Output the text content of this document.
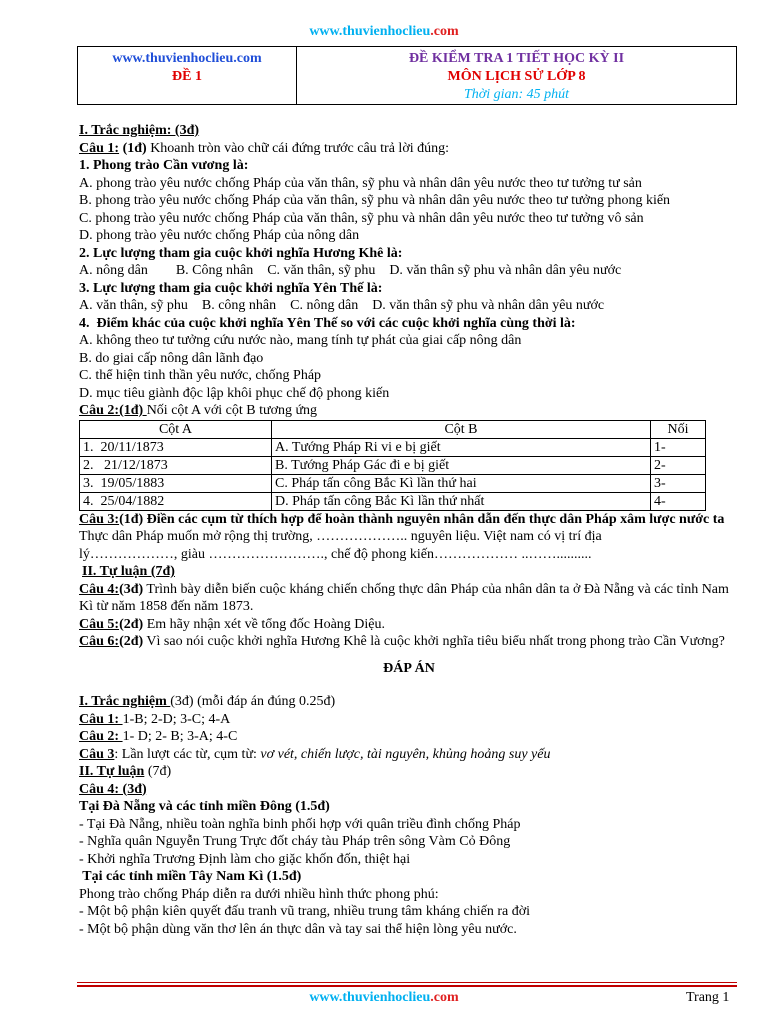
www.thuvienhoclieu.com
www.thuvienhoclieu.com
ĐỀ 1

ĐỀ KIỂM TRA 1 TIẾT HỌC KỲ II
MÔN LỊCH SỬ LỚP 8
Thời gian: 45 phút

I. Trắc nghiệm: (3đ)

Câu 1: (1đ) Khoanh tròn vào chữ cái đứng trước câu trả lời đúng:

1. Phong trào Cần vương là:

A. phong trào yêu nước chống Pháp của văn thân, sỹ phu và nhân dân yêu nước theo tư tưởng tư sản

B. phong trào yêu nước chống Pháp của văn thân, sỹ phu và nhân dân yêu nước theo tư tưởng phong kiến

C. phong trào yêu nước chống Pháp của văn thân, sỹ phu và nhân dân yêu nước theo tư tưởng vô sản

D. phong trào yêu nước chống Pháp của nông dân

2. Lực lượng tham gia cuộc khởi nghĩa Hương Khê là:

A. nông dân        B. Công nhân    C. văn thân, sỹ phu    D. văn thân sỹ phu và nhân dân yêu nước

3. Lực lượng tham gia cuộc khởi nghĩa Yên Thế là:

A. văn thân, sỹ phu    B. công nhân    C. nông dân    D. văn thân sỹ phu và nhân dân yêu nước

4.  Điểm khác của cuộc khởi nghĩa Yên Thế so với các cuộc khởi nghĩa cùng thời là:

A. không theo tư tưởng cứu nước nào, mang tính tự phát của giai cấp nông dân

B. do giai cấp nông dân lãnh đạo

C. thể hiện tinh thần yêu nước, chống Pháp

D. mục tiêu giành độc lập khôi phục chế độ phong kiến

Câu 2:(1đ) Nối cột A với cột B tương ứng

Cột A	Cột B	Nối
1.  20/11/1873	A. Tướng Pháp Ri vi e bị giết	1-
2.   21/12/1873	B. Tướng Pháp Gác đi e bị giết	2-
3.  19/05/1883	C. Pháp tấn công Bắc Kì lần thứ hai	3-
4.  25/04/1882	D. Pháp tấn công Bắc Kì lần thứ nhất	4-

Câu 3:(1đ) Điền các cụm từ thích hợp để hoàn thành nguyên nhân dẫn đến thực dân Pháp xâm lược nước ta

Thực dân Pháp muốn mở rộng thị trường, ……………….. nguyên liệu. Việt nam có vị trí địa

lý………………, giàu ……………………., chế độ phong kiến……………… ..……..........

II. Tự luận (7đ)

Câu 4:(3đ) Trình bày diễn biến cuộc kháng chiến chống thực dân Pháp của nhân dân ta ở Đà Nẵng và các tỉnh Nam Kì từ năm 1858 đến năm 1873.

Câu 5:(2đ) Em hãy nhận xét về tổng đốc Hoàng Diệu.

Câu 6:(2đ) Vì sao nói cuộc khởi nghĩa Hương Khê là cuộc khởi nghĩa tiêu biểu nhất trong phong trào Cần Vương?

ĐÁP ÁN

I. Trắc nghiệm (3đ) (mỗi đáp án đúng 0.25đ)

Câu 1: 1-B; 2-D; 3-C; 4-A

Câu 2: 1- D; 2- B; 3-A; 4-C

Câu 3: Lần lượt các từ, cụm từ: vơ vét, chiến lược, tài nguyên, khủng hoảng suy yếu

II. Tự luận (7đ)

Câu 4: (3đ)

Tại Đà Nẵng và các tỉnh miền Đông (1.5đ)

- Tại Đà Nẵng, nhiều toàn nghĩa binh phối hợp với quân triều đình chống Pháp

- Nghĩa quân Nguyễn Trung Trực đốt cháy tàu Pháp trên sông Vàm Cỏ Đông

- Khởi nghĩa Trương Định làm cho giặc khốn đốn, thiệt hại

Tại các tỉnh miền Tây Nam Kì (1.5đ)

Phong trào chống Pháp diễn ra dưới nhiều hình thức phong phú:

- Một bộ phận kiên quyết đấu tranh vũ trang, nhiều trung tâm kháng chiến ra đời

- Một bộ phận dùng văn thơ lên án thực dân và tay sai thể hiện lòng yêu nước.

www.thuvienhoclieu.com	Trang 1
